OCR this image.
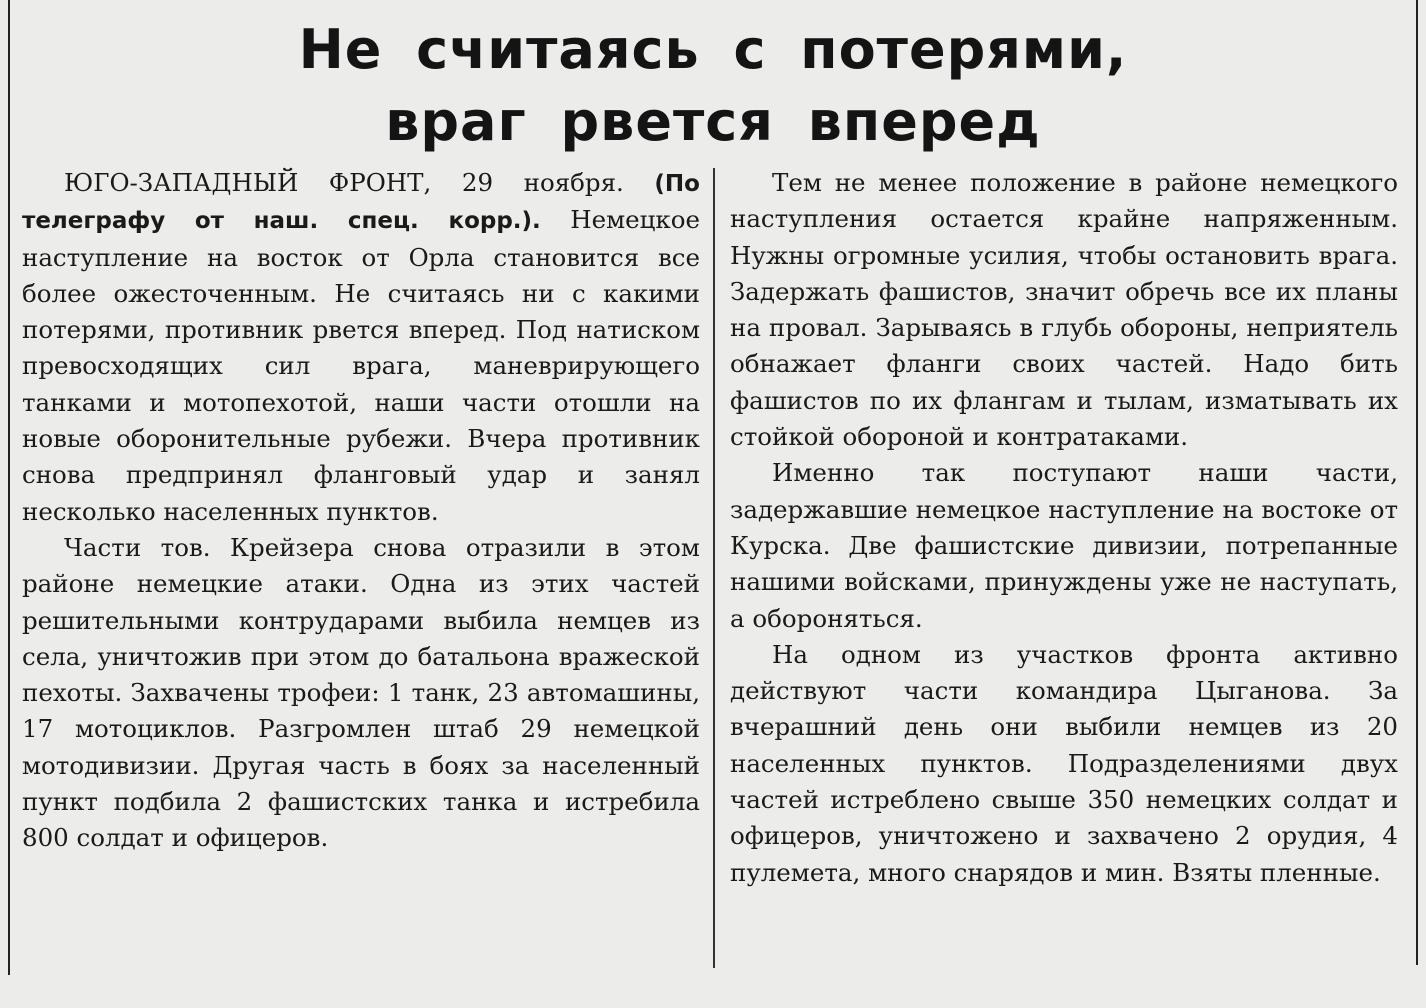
Не считаясь с потерями,
враг рвется вперед

ЮГО-ЗАПАДНЫЙ ФРОНТ, 29 ноября. (По телеграфу от наш. спец. корр.). Немецкое наступление на восток от Орла становится все более ожесточенным. Не считаясь ни с какими потерями, противник рвется вперед. Под натиском превосходящих сил врага, маневрирующего танками и мотопехотой, наши части отошли на новые оборонительные рубежи. Вчера противник снова предпринял фланговый удар и занял несколько населенных пунктов.

Части тов. Крейзера снова отразили в этом районе немецкие атаки. Одна из этих частей решительными контрударами выбила немцев из села, уничтожив при этом до батальона вражеской пехоты. Захвачены трофеи: 1 танк, 23 автомашины, 17 мотоциклов. Разгромлен штаб 29 немецкой мотодивизии. Другая часть в боях за населенный пункт подбила 2 фашистских танка и истребила 800 солдат и офицеров.

Тем не менее положение в районе немецкого наступления остается крайне напряженным. Нужны огромные усилия, чтобы остановить врага. Задержать фашистов, значит обречь все их планы на провал. Зарываясь в глубь обороны, неприятель обнажает фланги своих частей. Надо бить фашистов по их флангам и тылам, изматывать их стойкой обороной и контратаками.

Именно так поступают наши части, задержавшие немецкое наступление на востоке от Курска. Две фашистские дивизии, потрепанные нашими войсками, принуждены уже не наступать, а обороняться.

На одном из участков фронта активно действуют части командира Цыганова. За вчерашний день они выбили немцев из 20 населенных пунктов. Подразделениями двух частей истреблено свыше 350 немецких солдат и офицеров, уничтожено и захвачено 2 орудия, 4 пулемета, много снарядов и мин. Взяты пленные.
